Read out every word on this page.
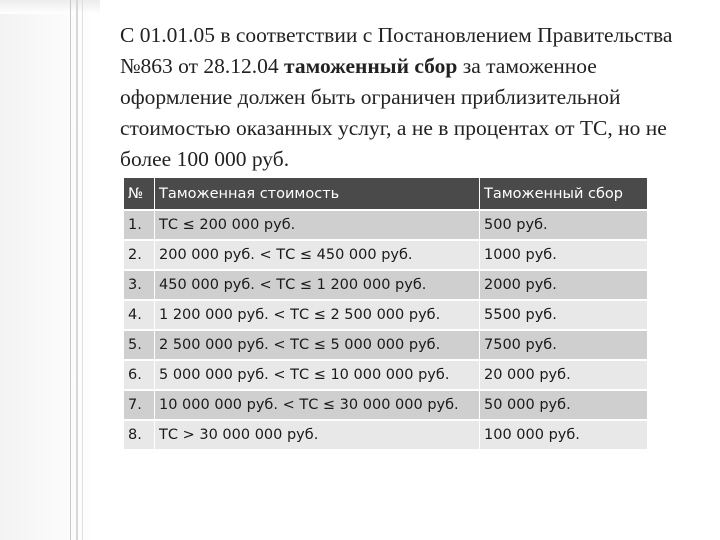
С 01.01.05 в соответствии с Постановлением Правительства №863 от 28.12.04 таможенный сбор за таможенное оформление должен быть ограничен приблизительной стоимостью оказанных услуг, а не в процентах от ТС, но не более 100 000 руб.

№	Таможенная стоимость	Таможенный сбор
1.	ТС ≤ 200 000 руб.	500 руб.
2.	200 000 руб. < ТС ≤ 450 000 руб.	1000 руб.
3.	450 000 руб. < ТС ≤ 1 200 000 руб.	2000 руб.
4.	1 200 000 руб. < ТС ≤ 2 500 000 руб.	5500 руб.
5.	2 500 000 руб. < ТС ≤ 5 000 000 руб.	7500 руб.
6.	5 000 000 руб. < ТС ≤ 10 000 000 руб.	20 000 руб.
7.	10 000 000 руб. < ТС ≤ 30 000 000 руб.	50 000 руб.
8.	ТС > 30 000 000 руб.	100 000 руб.
